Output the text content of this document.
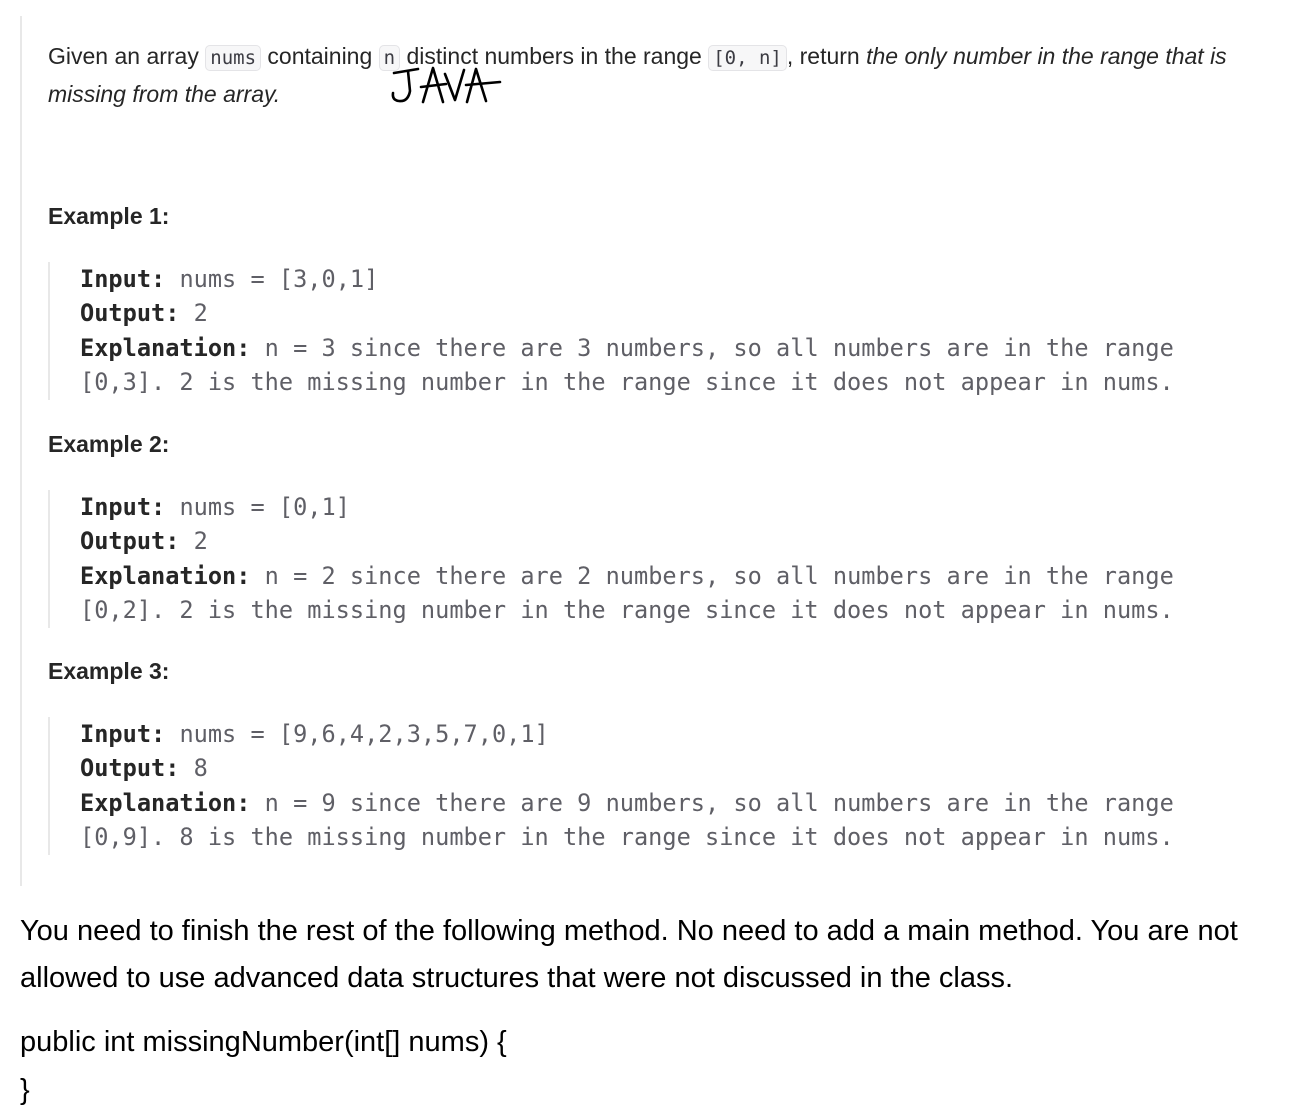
Given an array nums containing n distinct numbers in the range [0, n] , return the only number in the range that is missing from the array.
Example 1:
Input: nums = [3,0,1]
Output: 2
Explanation: n = 3 since there are 3 numbers, so all numbers are in the range
[0,3]. 2 is the missing number in the range since it does not appear in nums.
Example 2:
Input: nums = [0,1]
Output: 2
Explanation: n = 2 since there are 2 numbers, so all numbers are in the range
[0,2]. 2 is the missing number in the range since it does not appear in nums.
Example 3:
Input: nums = [9,6,4,2,3,5,7,0,1]
Output: 8
Explanation: n = 9 since there are 9 numbers, so all numbers are in the range
[0,9]. 8 is the missing number in the range since it does not appear in nums.
You need to finish the rest of the following method. No need to add a main method. You are not allowed to use advanced data structures that were not discussed in the class.
public int missingNumber(int[] nums) {
}
